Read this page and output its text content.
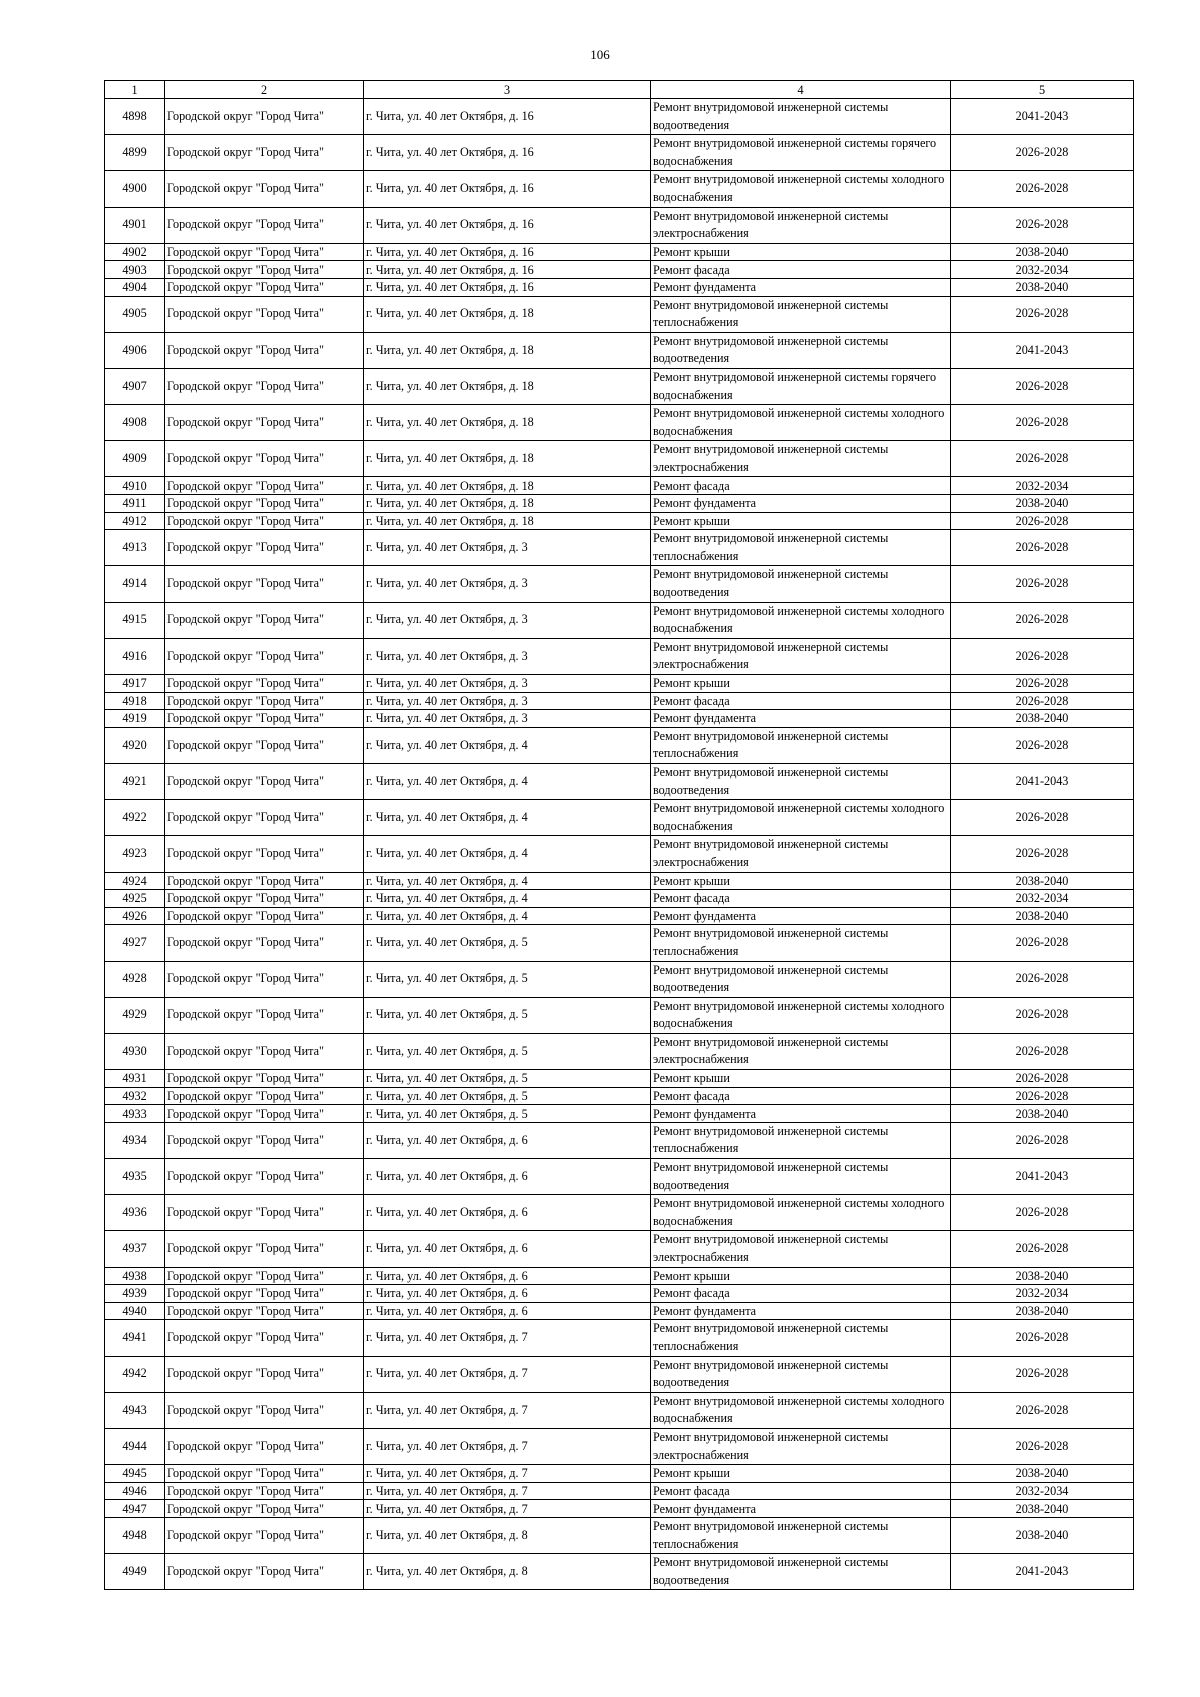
106
1	2	3	4	5
4898	Городской округ "Город Чита"	г. Чита, ул. 40 лет Октября, д. 16	Ремонт внутридомовой инженерной системы водоотведения	2041-2043
4899	Городской округ "Город Чита"	г. Чита, ул. 40 лет Октября, д. 16	Ремонт внутридомовой инженерной системы горячего водоснабжения	2026-2028
4900	Городской округ "Город Чита"	г. Чита, ул. 40 лет Октября, д. 16	Ремонт внутридомовой инженерной системы холодного водоснабжения	2026-2028
4901	Городской округ "Город Чита"	г. Чита, ул. 40 лет Октября, д. 16	Ремонт внутридомовой инженерной системы электроснабжения	2026-2028
4902	Городской округ "Город Чита"	г. Чита, ул. 40 лет Октября, д. 16	Ремонт крыши	2038-2040
4903	Городской округ "Город Чита"	г. Чита, ул. 40 лет Октября, д. 16	Ремонт фасада	2032-2034
4904	Городской округ "Город Чита"	г. Чита, ул. 40 лет Октября, д. 16	Ремонт фундамента	2038-2040
4905	Городской округ "Город Чита"	г. Чита, ул. 40 лет Октября, д. 18	Ремонт внутридомовой инженерной системы теплоснабжения	2026-2028
4906	Городской округ "Город Чита"	г. Чита, ул. 40 лет Октября, д. 18	Ремонт внутридомовой инженерной системы водоотведения	2041-2043
4907	Городской округ "Город Чита"	г. Чита, ул. 40 лет Октября, д. 18	Ремонт внутридомовой инженерной системы горячего водоснабжения	2026-2028
4908	Городской округ "Город Чита"	г. Чита, ул. 40 лет Октября, д. 18	Ремонт внутридомовой инженерной системы холодного водоснабжения	2026-2028
4909	Городской округ "Город Чита"	г. Чита, ул. 40 лет Октября, д. 18	Ремонт внутридомовой инженерной системы электроснабжения	2026-2028
4910	Городской округ "Город Чита"	г. Чита, ул. 40 лет Октября, д. 18	Ремонт фасада	2032-2034
4911	Городской округ "Город Чита"	г. Чита, ул. 40 лет Октября, д. 18	Ремонт фундамента	2038-2040
4912	Городской округ "Город Чита"	г. Чита, ул. 40 лет Октября, д. 18	Ремонт крыши	2026-2028
4913	Городской округ "Город Чита"	г. Чита, ул. 40 лет Октября, д. 3	Ремонт внутридомовой инженерной системы теплоснабжения	2026-2028
4914	Городской округ "Город Чита"	г. Чита, ул. 40 лет Октября, д. 3	Ремонт внутридомовой инженерной системы водоотведения	2026-2028
4915	Городской округ "Город Чита"	г. Чита, ул. 40 лет Октября, д. 3	Ремонт внутридомовой инженерной системы холодного водоснабжения	2026-2028
4916	Городской округ "Город Чита"	г. Чита, ул. 40 лет Октября, д. 3	Ремонт внутридомовой инженерной системы электроснабжения	2026-2028
4917	Городской округ "Город Чита"	г. Чита, ул. 40 лет Октября, д. 3	Ремонт крыши	2026-2028
4918	Городской округ "Город Чита"	г. Чита, ул. 40 лет Октября, д. 3	Ремонт фасада	2026-2028
4919	Городской округ "Город Чита"	г. Чита, ул. 40 лет Октября, д. 3	Ремонт фундамента	2038-2040
4920	Городской округ "Город Чита"	г. Чита, ул. 40 лет Октября, д. 4	Ремонт внутридомовой инженерной системы теплоснабжения	2026-2028
4921	Городской округ "Город Чита"	г. Чита, ул. 40 лет Октября, д. 4	Ремонт внутридомовой инженерной системы водоотведения	2041-2043
4922	Городской округ "Город Чита"	г. Чита, ул. 40 лет Октября, д. 4	Ремонт внутридомовой инженерной системы холодного водоснабжения	2026-2028
4923	Городской округ "Город Чита"	г. Чита, ул. 40 лет Октября, д. 4	Ремонт внутридомовой инженерной системы электроснабжения	2026-2028
4924	Городской округ "Город Чита"	г. Чита, ул. 40 лет Октября, д. 4	Ремонт крыши	2038-2040
4925	Городской округ "Город Чита"	г. Чита, ул. 40 лет Октября, д. 4	Ремонт фасада	2032-2034
4926	Городской округ "Город Чита"	г. Чита, ул. 40 лет Октября, д. 4	Ремонт фундамента	2038-2040
4927	Городской округ "Город Чита"	г. Чита, ул. 40 лет Октября, д. 5	Ремонт внутридомовой инженерной системы теплоснабжения	2026-2028
4928	Городской округ "Город Чита"	г. Чита, ул. 40 лет Октября, д. 5	Ремонт внутридомовой инженерной системы водоотведения	2026-2028
4929	Городской округ "Город Чита"	г. Чита, ул. 40 лет Октября, д. 5	Ремонт внутридомовой инженерной системы холодного водоснабжения	2026-2028
4930	Городской округ "Город Чита"	г. Чита, ул. 40 лет Октября, д. 5	Ремонт внутридомовой инженерной системы электроснабжения	2026-2028
4931	Городской округ "Город Чита"	г. Чита, ул. 40 лет Октября, д. 5	Ремонт крыши	2026-2028
4932	Городской округ "Город Чита"	г. Чита, ул. 40 лет Октября, д. 5	Ремонт фасада	2026-2028
4933	Городской округ "Город Чита"	г. Чита, ул. 40 лет Октября, д. 5	Ремонт фундамента	2038-2040
4934	Городской округ "Город Чита"	г. Чита, ул. 40 лет Октября, д. 6	Ремонт внутридомовой инженерной системы теплоснабжения	2026-2028
4935	Городской округ "Город Чита"	г. Чита, ул. 40 лет Октября, д. 6	Ремонт внутридомовой инженерной системы водоотведения	2041-2043
4936	Городской округ "Город Чита"	г. Чита, ул. 40 лет Октября, д. 6	Ремонт внутридомовой инженерной системы холодного водоснабжения	2026-2028
4937	Городской округ "Город Чита"	г. Чита, ул. 40 лет Октября, д. 6	Ремонт внутридомовой инженерной системы электроснабжения	2026-2028
4938	Городской округ "Город Чита"	г. Чита, ул. 40 лет Октября, д. 6	Ремонт крыши	2038-2040
4939	Городской округ "Город Чита"	г. Чита, ул. 40 лет Октября, д. 6	Ремонт фасада	2032-2034
4940	Городской округ "Город Чита"	г. Чита, ул. 40 лет Октября, д. 6	Ремонт фундамента	2038-2040
4941	Городской округ "Город Чита"	г. Чита, ул. 40 лет Октября, д. 7	Ремонт внутридомовой инженерной системы теплоснабжения	2026-2028
4942	Городской округ "Город Чита"	г. Чита, ул. 40 лет Октября, д. 7	Ремонт внутридомовой инженерной системы водоотведения	2026-2028
4943	Городской округ "Город Чита"	г. Чита, ул. 40 лет Октября, д. 7	Ремонт внутридомовой инженерной системы холодного водоснабжения	2026-2028
4944	Городской округ "Город Чита"	г. Чита, ул. 40 лет Октября, д. 7	Ремонт внутридомовой инженерной системы электроснабжения	2026-2028
4945	Городской округ "Город Чита"	г. Чита, ул. 40 лет Октября, д. 7	Ремонт крыши	2038-2040
4946	Городской округ "Город Чита"	г. Чита, ул. 40 лет Октября, д. 7	Ремонт фасада	2032-2034
4947	Городской округ "Город Чита"	г. Чита, ул. 40 лет Октября, д. 7	Ремонт фундамента	2038-2040
4948	Городской округ "Город Чита"	г. Чита, ул. 40 лет Октября, д. 8	Ремонт внутридомовой инженерной системы теплоснабжения	2038-2040
4949	Городской округ "Город Чита"	г. Чита, ул. 40 лет Октября, д. 8	Ремонт внутридомовой инженерной системы водоотведения	2041-2043
